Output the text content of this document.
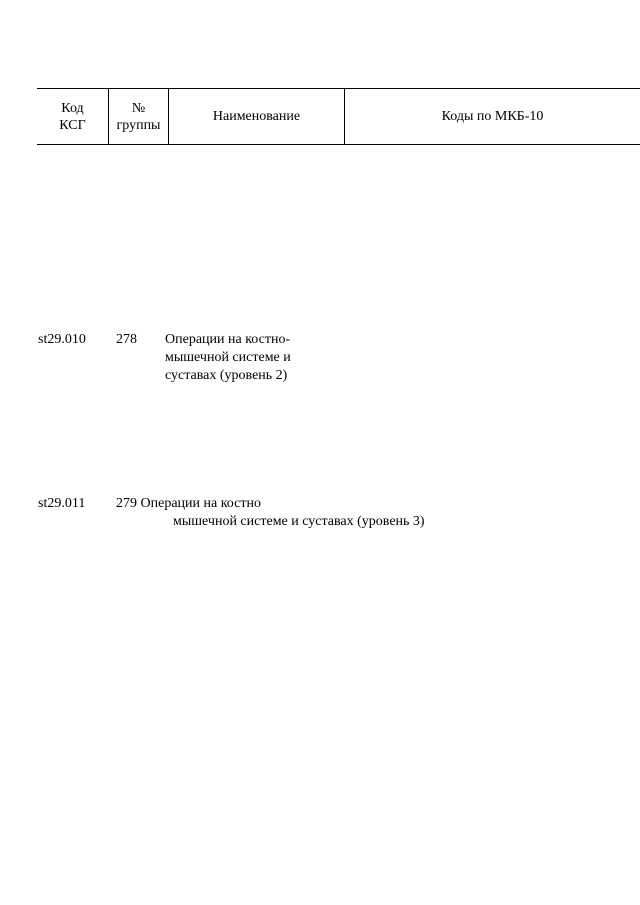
Код
КСГ
№
группы
Наименование	Коды по МКБ-10
st29.010 278 Операции на костно-
мышечной системе и
суставах (уровень 2)
st29.011 279 Операции на костно
мышечной системе и суставах (уровень 3)
